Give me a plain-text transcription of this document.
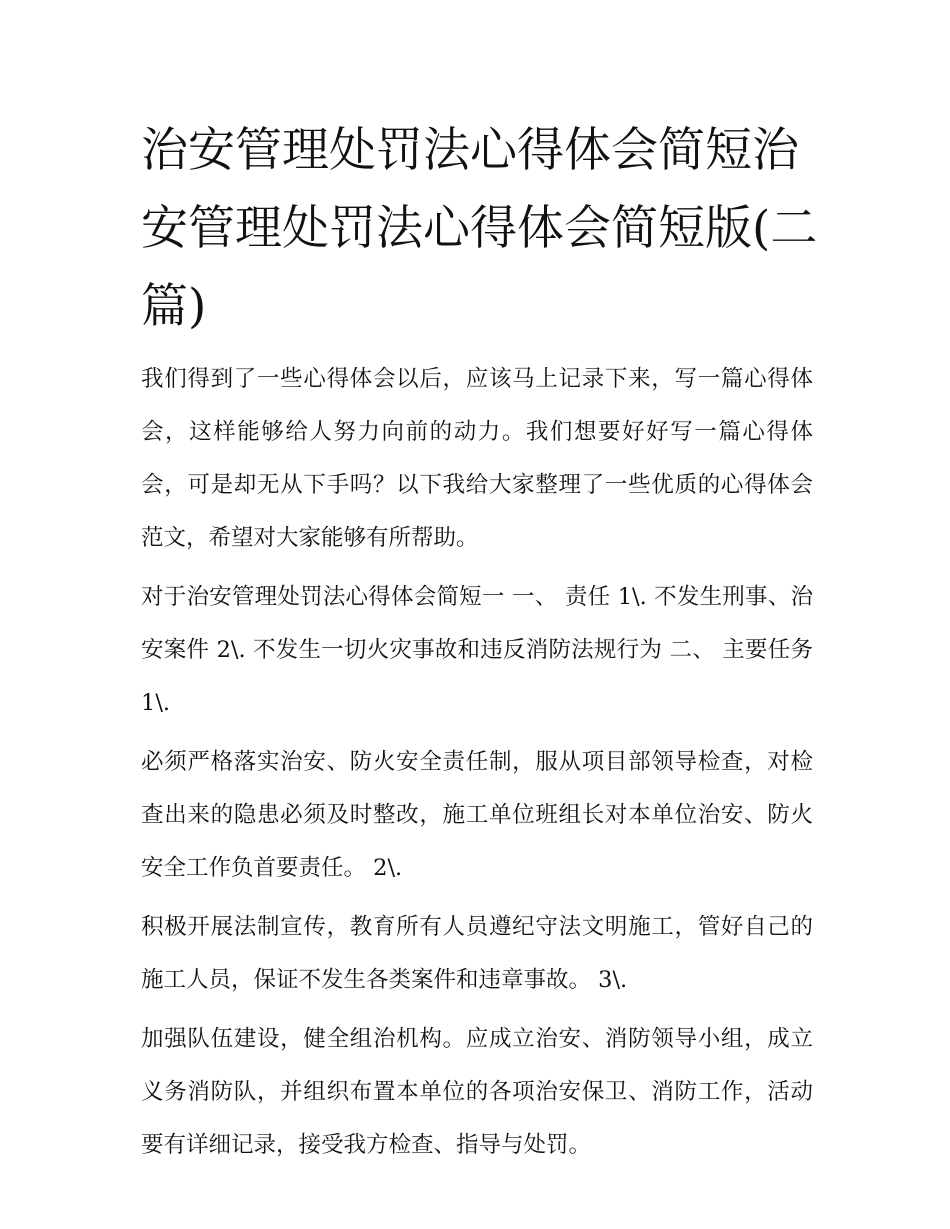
治安管理处罚法心得体会简短治安管理处罚法心得体会简短版(二篇)

我们得到了一些心得体会以后，应该马上记录下来，写一篇心得体会，这样能够给人努力向前的动力。我们想要好好写一篇心得体会，可是却无从下手吗？以下我给大家整理了一些优质的心得体会范文，希望对大家能够有所帮助。

对于治安管理处罚法心得体会简短一 一、 责任 1\. 不发生刑事、治安案件 2\. 不发生一切火灾事故和违反消防法规行为 二、 主要任务 1\.

必须严格落实治安、防火安全责任制，服从项目部领导检查，对检查出来的隐患必须及时整改，施工单位班组长对本单位治安、防火安全工作负首要责任。 2\.

积极开展法制宣传，教育所有人员遵纪守法文明施工，管好自己的施工人员，保证不发生各类案件和违章事故。 3\.

加强队伍建设，健全组治机构。应成立治安、消防领导小组，成立义务消防队，并组织布置本单位的各项治安保卫、消防工作，活动要有详细记录，接受我方检查、指导与处罚。
